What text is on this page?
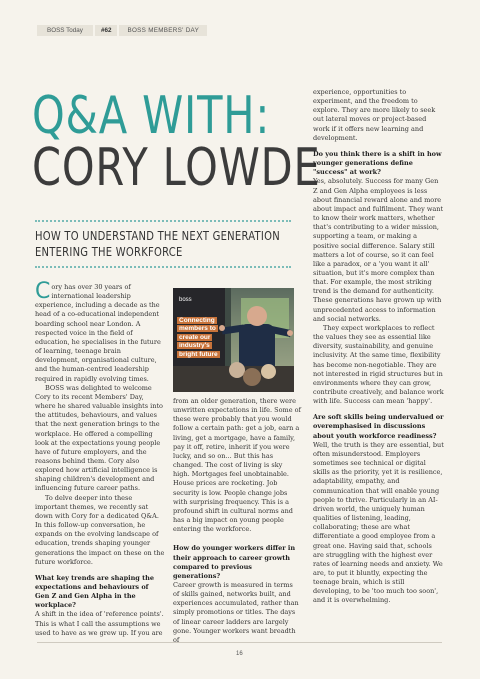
BOSS Today	#62	BOSS MEMBERS' DAY
Q&A WITH:
CORY LOWDE
HOW TO UNDERSTAND THE NEXT GENERATION
ENTERING THE WORKFORCE

Cory has over 30 years of international leadership experience, including a decade as the head of a co-educational independent boarding school near London. A respected voice in the field of education, he specialises in the future of learning, teenage brain development, organisational culture, and the human-centred leadership required in rapidly evolving times.

BOSS was delighted to welcome Cory to its recent Members' Day, where he shared valuable insights into the attitudes, behaviours, and values that the next generation brings to the workplace. He offered a compelling look at the expectations young people have of future employers, and the reasons behind them. Cory also explored how artificial intelligence is shaping children's development and influencing future career paths.

To delve deeper into these important themes, we recently sat down with Cory for a dedicated Q&A. In this follow-up conversation, he expands on the evolving landscape of education, trends shaping younger generations the impact on these on the future workforce.

What key trends are shaping the expectations and behaviours of Gen Z and Gen Alpha in the workplace?

A shift in the idea of 'reference points'. This is what I call the assumptions we used to have as we grew up. If you are

boss
Connecting
members to
create our
industry's
bright future

from an older generation, there were unwritten expectations in life. Some of these were probably that you would follow a certain path: get a job, earn a living, get a mortgage, have a family, pay it off, retire, inherit if you were lucky, and so on... But this has changed. The cost of living is sky high. Mortgages feel unobtainable. House prices are rocketing. Job security is low. People change jobs with surprising frequency. This is a profound shift in cultural norms and has a big impact on young people entering the workforce.

How do younger workers differ in their approach to career growth compared to previous generations?

Career growth is measured in terms of skills gained, networks built, and experiences accumulated, rather than simply promotions or titles. The days of linear career ladders are largely gone. Younger workers want breadth of

experience, opportunities to experiment, and the freedom to explore. They are more likely to seek out lateral moves or project-based work if it offers new learning and development.

Do you think there is a shift in how younger generations define "success" at work?

Yes, absolutely. Success for many Gen Z and Gen Alpha employees is less about financial reward alone and more about impact and fulfilment. They want to know their work matters, whether that's contributing to a wider mission, supporting a team, or making a positive social difference. Salary still matters a lot of course, so it can feel like a paradox, or a 'you want it all' situation, but it's more complex than that. For example, the most striking trend is the demand for authenticity. These generations have grown up with unprecedented access to information and social networks.

They expect workplaces to reflect the values they see as essential like diversity, sustainability, and genuine inclusivity. At the same time, flexibility has become non-negotiable. They are not interested in rigid structures but in environments where they can grow, contribute creatively, and balance work with life. Success can mean 'happy'.

Are soft skills being undervalued or overemphasised in discussions about youth workforce readiness?

Well, the truth is they are essential, but often misunderstood. Employers sometimes see technical or digital skills as the priority, yet it is resilience, adaptability, empathy, and communication that will enable young people to thrive. Particularly in an AI-driven world, the uniquely human qualities of listening, leading, collaborating; these are what differentiate a good employee from a great one. Having said that, schools are struggling with the highest ever rates of learning needs and anxiety. We are, to put it bluntly, expecting the teenage brain, which is still developing, to be 'too much too soon', and it is overwhelming.

16
